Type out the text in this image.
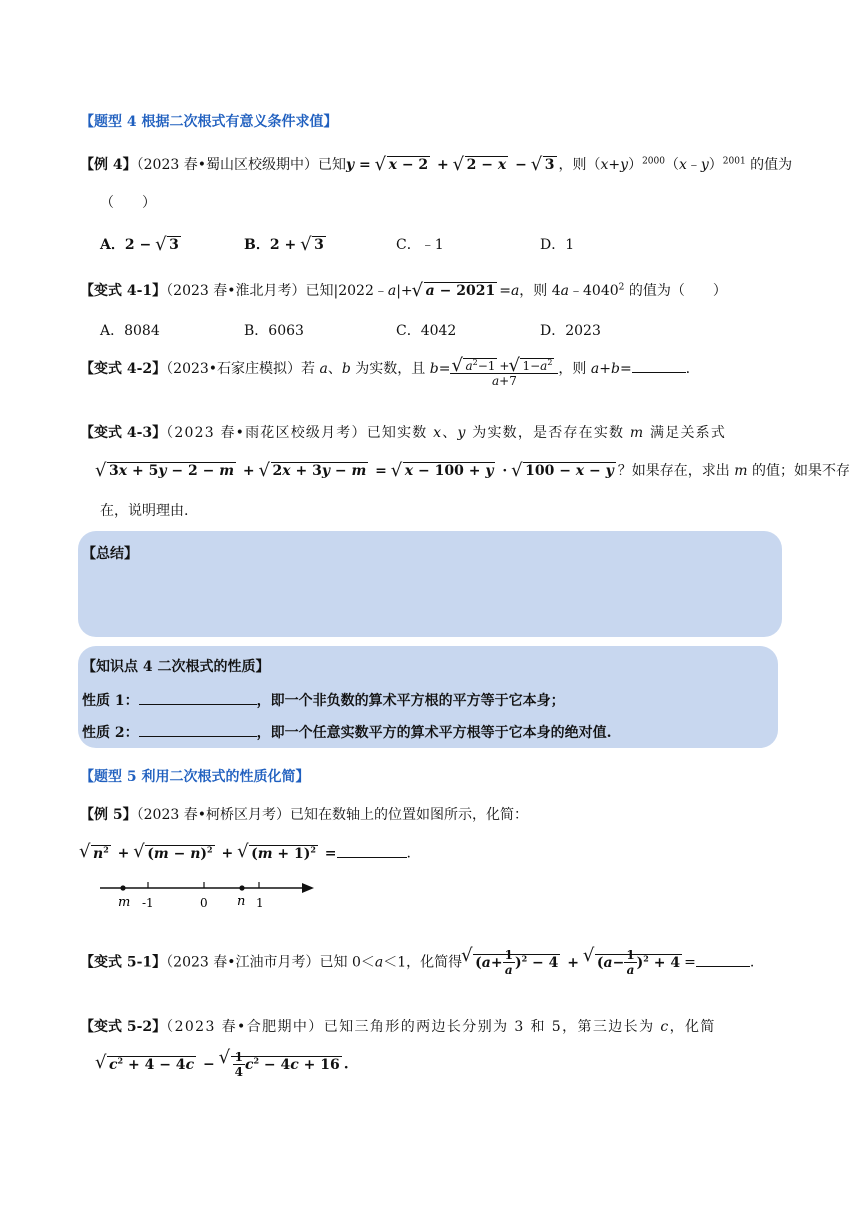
【题型 4 根据二次根式有意义条件求值】
【例 4】（2023 春•蜀山区校级期中）已知y = √ x − 2 + √ 2 − x − √ 3 ，则$(x+y)^{2000}(x﹣y)^{2001}$ 的值为
（　　）
A．2 − √ 3	B．2 + √ 3	C．﹣1	D．1
【变式 4-1】（2023 春•淮北月考）已知|2022﹣a|+ √ a − 2021 =a，则 4a﹣4040$^2$ 的值为（　　）
A．8084	B．6063	C．4042	D．2023
【变式 4-2】（2023•石家庄模拟）若 a、b 为实数，且 b= √ $\frac{a^2-1 + √ 1-a^2}{a+7}$ ，则 a+b=	.
【变式 4-3】（2023 春•雨花区校级月考）已知实数 x、y 为实数，是否存在实数 m 满足关系式
√ 3x + 5y − 2 − m + √ 2x + 3y − m = √ x − 100 + y · √ 100 − x − y ？如果存在，求出 m 的值；如果不存
在，说明理由.
【总结】
【知识点 4 二次根式的性质】
性质 1：	，即一个非负数的算术平方根的平方等于它本身；
性质 2：	，即一个任意实数平方的算术平方根等于它本身的绝对值.
【题型 5 利用二次根式的性质化简】
【例 5】（2023 春•柯桥区月考）已知在数轴上的位置如图所示，化简：
√ $n^2$ + √ $(m - n)^2$ + √ $(m + 1)^2$ =	.
m -1	0 n 1
【变式 5-1】（2023 春•江油市月考）已知 0＜a＜1，化简得 √ $(a+ \frac{1}{a} )^2 - 4$ + √ $(a- \frac{1}{a} )^2 + 4$ =	.
【变式 5-2】（2023 春•合肥期中）已知三角形的两边长分别为 3 和 5，第三边长为 c，化简
√ $c^2 + 4 - 4c$ − √ $\frac{1}{4} c^2 - 4c + 16$ .
